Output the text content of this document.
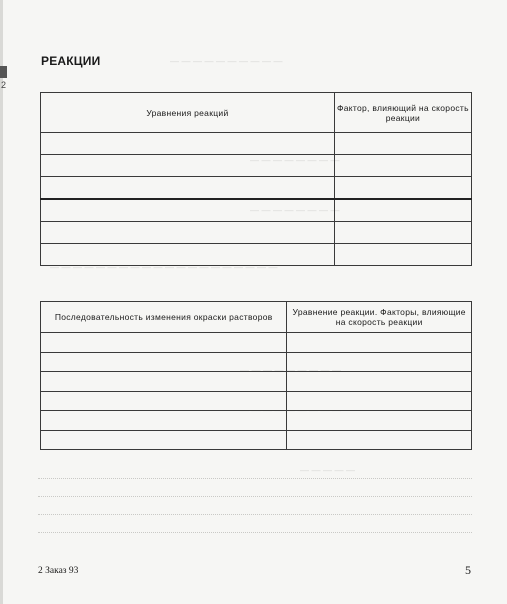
2
— — — — — — — — — —
— — — — — — — —
— — — — — — — —
— — — — — — — — — — — — — — — — — — — —
— — — — — — — — —
— — — — — — — — —
— — — — —
РЕАКЦИИ
Уравнения реакций	Фактор, влияющий на скорость реакции

Последовательность изменения окраски растворов	Уравнение реакции. Факторы, влияющие на скорость реакции

2 Заказ 93	5
